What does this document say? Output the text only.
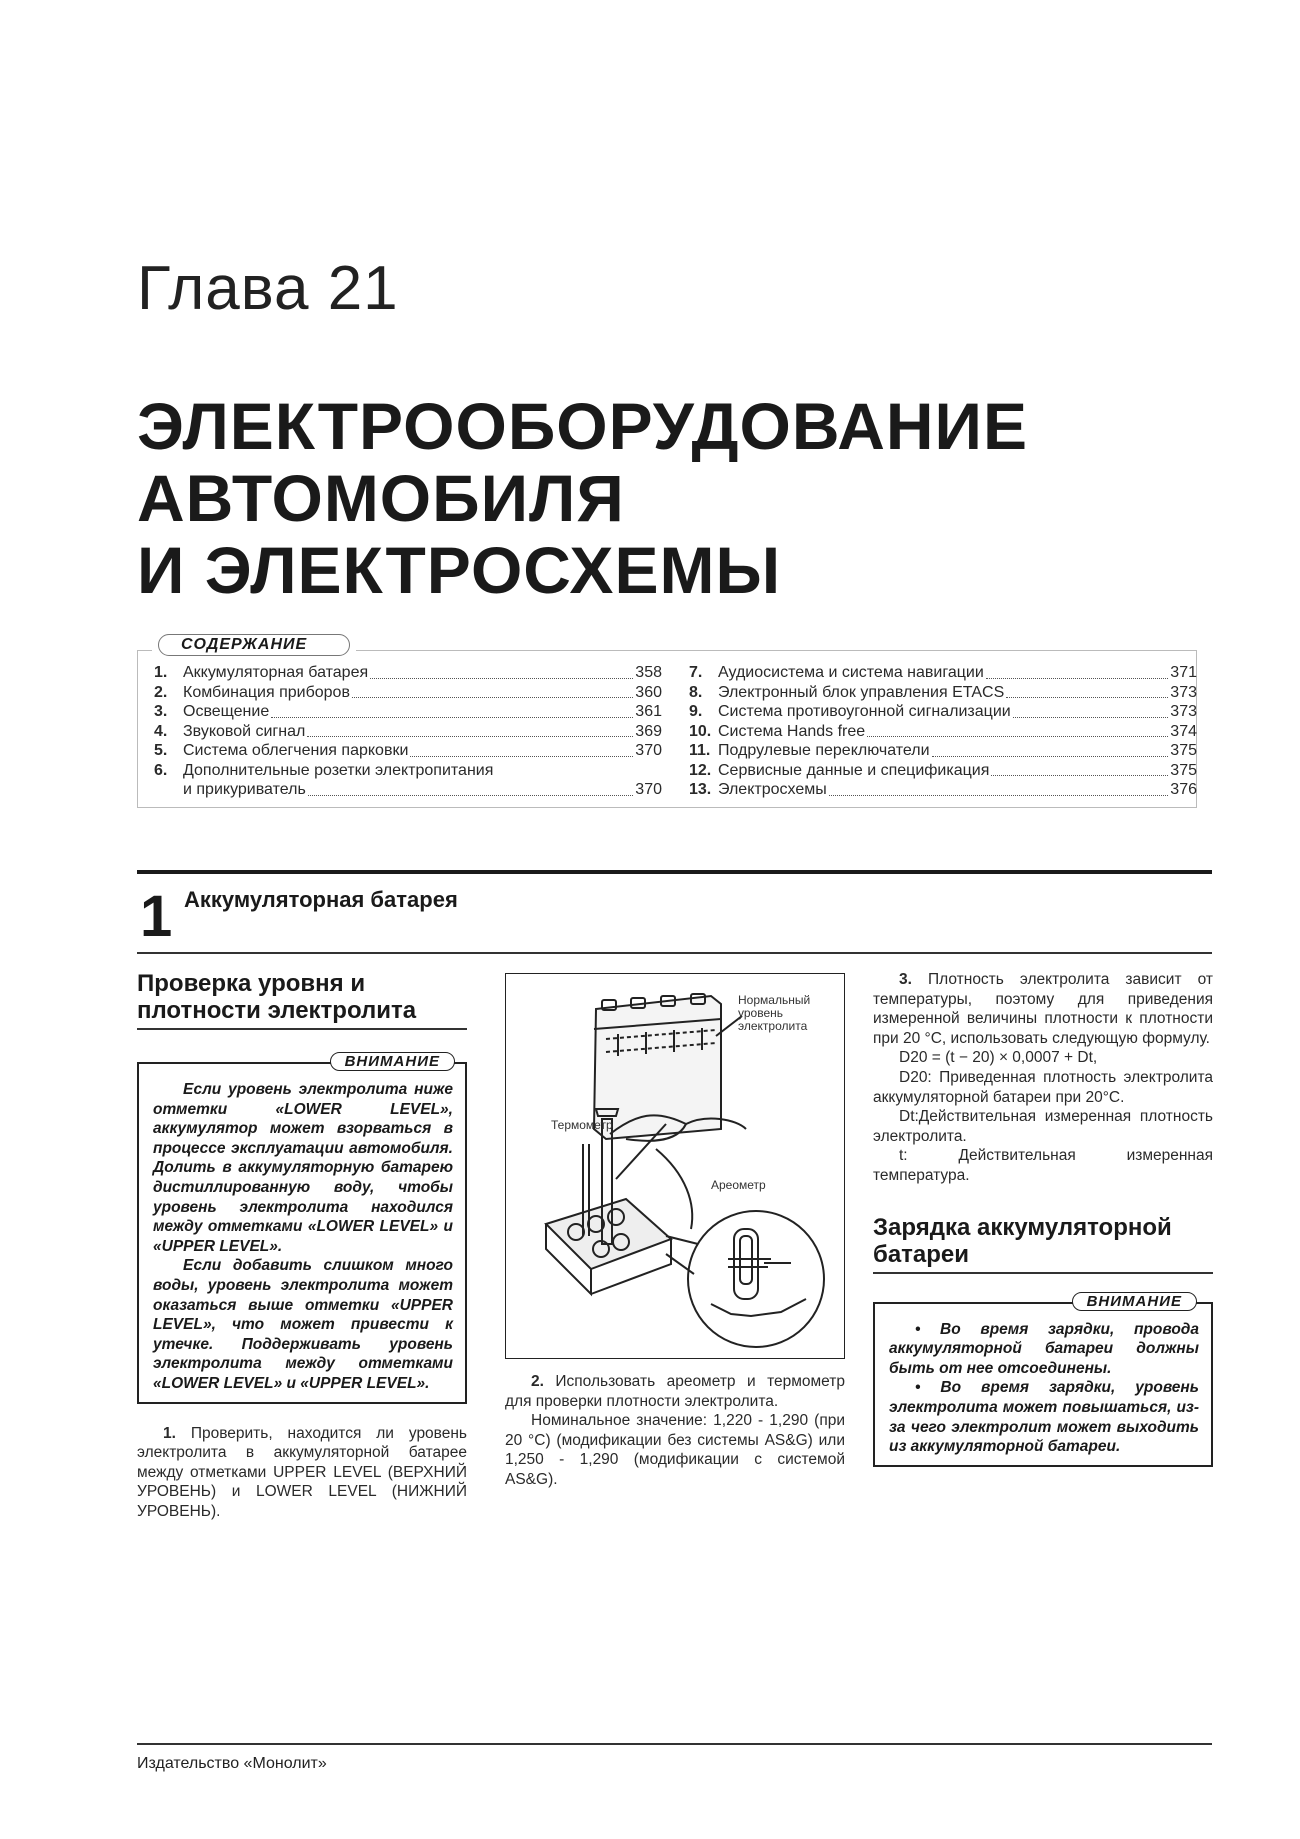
Глава 21
ЭЛЕКТРООБОРУДОВАНИЕ
АВТОМОБИЛЯ
И ЭЛЕКТРОСХЕМЫ
СОДЕРЖАНИЕ
1. Аккумуляторная батарея	358
2. Комбинация приборов	360
3. Освещение	361
4. Звуковой сигнал	369
5. Система облегчения парковки	370
6. Дополнительные розетки электропитания
и прикуриватель	370
7. Аудиосистема и система навигации	371
8. Электронный блок управления ETACS	373
9. Система противоугонной сигнализации	373
10. Система Hands free	374
11. Подрулевые переключатели	375
12. Сервисные данные и спецификация	375
13. Электросхемы	376
1 Аккумуляторная батарея
Проверка уровня и
плотности электролита
ВНИМАНИЕ

Если уровень электролита ниже отметки «LOWER LEVEL», аккумулятор может взорваться в процессе эксплуатации автомобиля. Долить в аккумуляторную батарею дистиллированную воду, чтобы уровень электролита находился между отметками «LOWER LEVEL» и «UPPER LEVEL».

Если добавить слишком много воды, уровень электролита может оказаться выше отметки «UPPER LEVEL», что может привести к утечке. Поддерживать уровень электролита между отметками «LOWER LEVEL» и «UPPER LEVEL».

1. Проверить, находится ли уровень электролита в аккумуляторной батарее между отметками UPPER LEVEL (ВЕРХНИЙ УРОВЕНЬ) и LOWER LEVEL (НИЖНИЙ УРОВЕНЬ).

Нормальный уровень электролита
Термометр
Ареометр

2. Использовать ареометр и термометр для проверки плотности электролита.

Номинальное значение: 1,220 - 1,290 (при 20 °C) (модификации без системы AS&G) или 1,250 - 1,290 (модификации с системой AS&G).

3. Плотность электролита зависит от температуры, поэтому для приведения измеренной величины плотности к плотности при 20 °C, использовать следующую формулу.

D20 = (t − 20) × 0,0007 + Dt,

D20: Приведенная плотность электролита аккумуляторной батареи при 20°C.

Dt:Действительная измеренная плотность электролита.

t: Действительная измеренная температура.

Зарядка аккумуляторной
батареи
ВНИМАНИЕ
• Во время зарядки, провода аккумуляторной батареи должны быть от нее отсоединены.
• Во время зарядки, уровень электролита может повышаться, из-за чего электролит может выходить из аккумуляторной батареи.
Издательство «Монолит»
